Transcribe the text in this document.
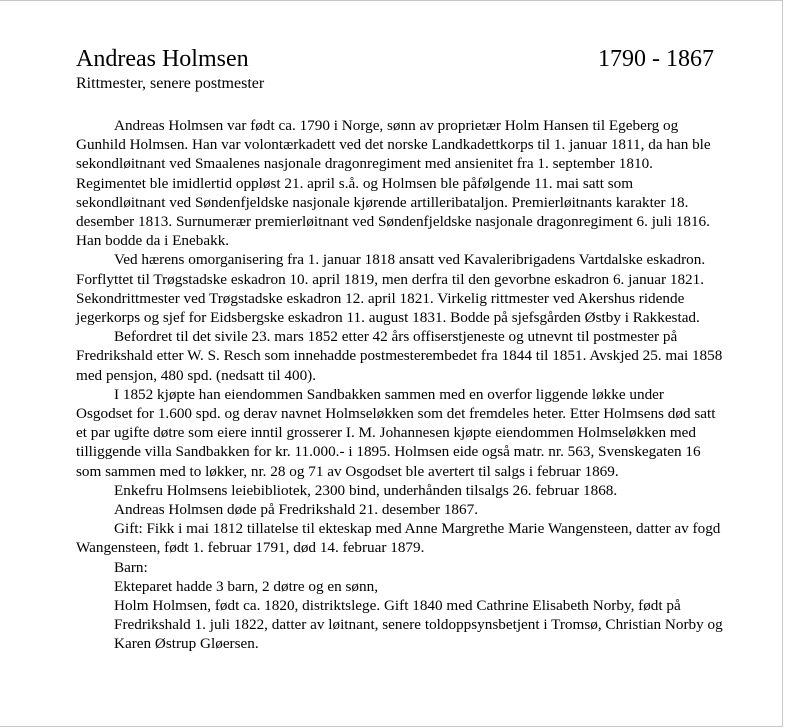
Andreas Holmsen	1790 - 1867
Rittmester, senere postmester

Andreas Holmsen var født ca. 1790 i Norge, sønn av proprietær Holm Hansen til Egeberg og Gunhild Holmsen. Han var volontærkadett ved det norske Landkadettkorps til 1. januar 1811, da han ble sekondløitnant ved Smaalenes nasjonale dragonregiment med ansienitet fra 1. september 1810. Regimentet ble imidlertid oppløst 21. april s.å. og Holmsen ble påfølgende 11. mai satt som sekondløitnant ved Søndenfjeldske nasjonale kjørende artilleribataljon. Premierløitnants karakter 18. desember 1813. Surnumerær premierløitnant ved Søndenfjeldske nasjonale dragonregiment 6. juli 1816. Han bodde da i Enebakk.

Ved hærens omorganisering fra 1. januar 1818 ansatt ved Kavaleribrigadens Vartdalske eskadron. Forflyttet til Trøgstadske eskadron 10. april 1819, men derfra til den gevorbne eskadron 6. januar 1821. Sekondrittmester ved Trøgstadske eskadron 12. april 1821. Virkelig rittmester ved Akershus ridende jegerkorps og sjef for Eidsbergske eskadron 11. august 1831. Bodde på sjefsgården Østby i Rakkestad.

Befordret til det sivile 23. mars 1852 etter 42 års offiserstjeneste og utnevnt til postmester på Fredrikshald etter W. S. Resch som innehadde postmesterembedet fra 1844 til 1851. Avskjed 25. mai 1858 med pensjon, 480 spd. (nedsatt til 400).

I 1852 kjøpte han eiendommen Sandbakken sammen med en overfor liggende løkke under Osgodset for 1.600 spd. og derav navnet Holmseløkken som det fremdeles heter. Etter Holmsens død satt et par ugifte døtre som eiere inntil grosserer I. M. Johannesen kjøpte eiendommen Holmseløkken med tilliggende villa Sandbakken for kr. 11.000.- i 1895. Holmsen eide også matr. nr. 563, Svenskegaten 16 som sammen med to løkker, nr. 28 og 71 av Osgodset ble avertert til salgs i februar 1869.

Enkefru Holmsens leiebibliotek, 2300 bind, underhånden tilsalgs 26. februar 1868.

Andreas Holmsen døde på Fredrikshald 21. desember 1867.

Gift: Fikk i mai 1812 tillatelse til ekteskap med Anne Margrethe Marie Wangensteen, datter av fogd Wangensteen, født 1. februar 1791, død 14. februar 1879.

Barn:

Ekteparet hadde 3 barn, 2 døtre og en sønn,

Holm Holmsen, født ca. 1820, distriktslege. Gift 1840 med Cathrine Elisabeth Norby, født på Fredrikshald 1. juli 1822, datter av løitnant, senere toldoppsynsbetjent i Tromsø, Christian Norby og Karen Østrup Gløersen.
